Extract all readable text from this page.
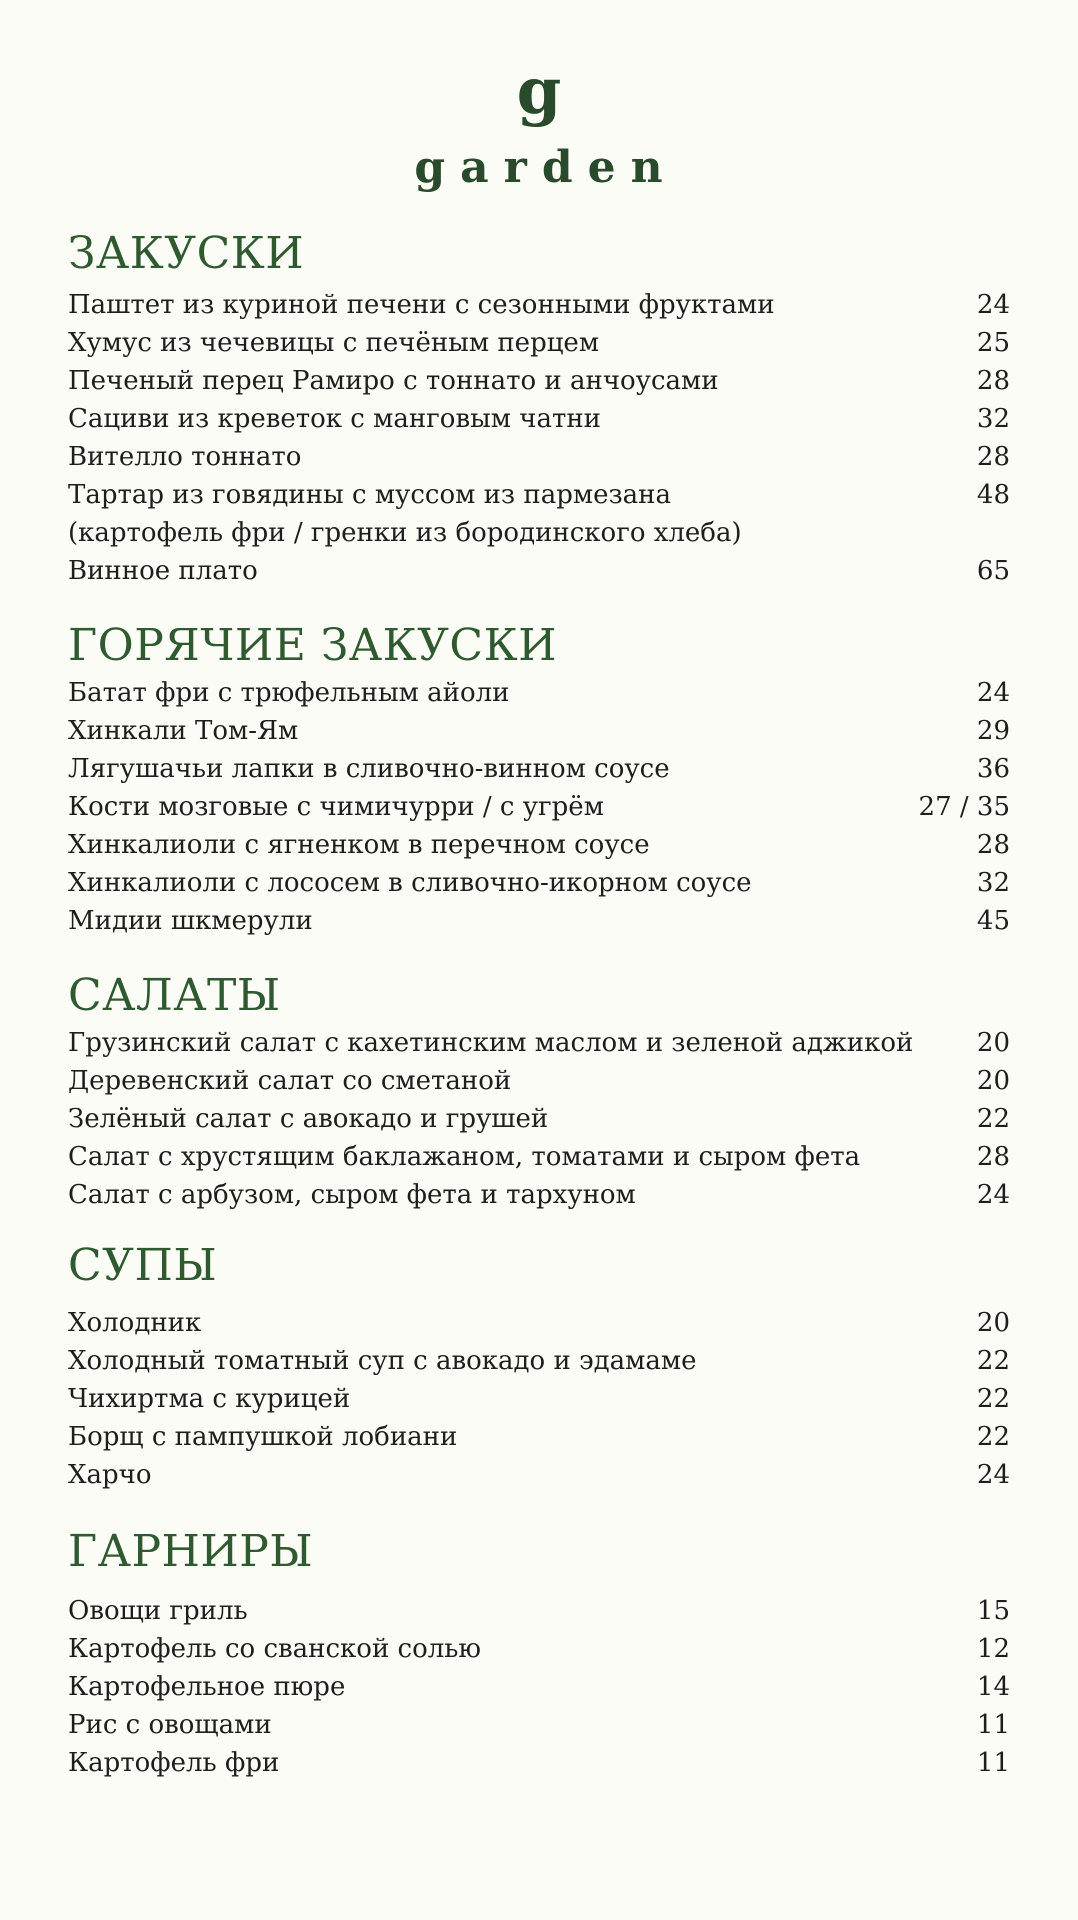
g
garden
ЗАКУСКИ
Паштет из куриной печени с сезонными фруктами	24
Хумус из чечевицы с печёным перцем	25
Печеный перец Рамиро с тоннато и анчоусами	28
Сациви из креветок с манговым чатни	32
Вителло тоннато	28
Тартар из говядины с муссом из пармезана	48
(картофель фри / гренки из бородинского хлеба)
Винное плато	65
ГОРЯЧИЕ ЗАКУСКИ
Батат фри с трюфельным айоли	24
Хинкали Том-Ям	29
Лягушачьи лапки в сливочно-винном соусе	36
Кости мозговые с чимичурри / с угрём	27 / 35
Хинкалиоли с ягненком в перечном соусе	28
Хинкалиоли с лососем в сливочно-икорном соусе	32
Мидии шкмерули	45
САЛАТЫ
Грузинский салат с кахетинским маслом и зеленой аджикой 20
Деревенский салат со сметаной	20
Зелёный салат с авокадо и грушей	22
Салат с хрустящим баклажаном, томатами и сыром фета	28
Салат с арбузом, сыром фета и тархуном	24
СУПЫ
Холодник	20
Холодный томатный суп с авокадо и эдамаме	22
Чихиртма с курицей	22
Борщ с пампушкой лобиани	22
Харчо	24
ГАРНИРЫ
Овощи гриль	15
Картофель со сванской солью	12
Картофельное пюре	14
Рис с овощами	11
Картофель фри	11
